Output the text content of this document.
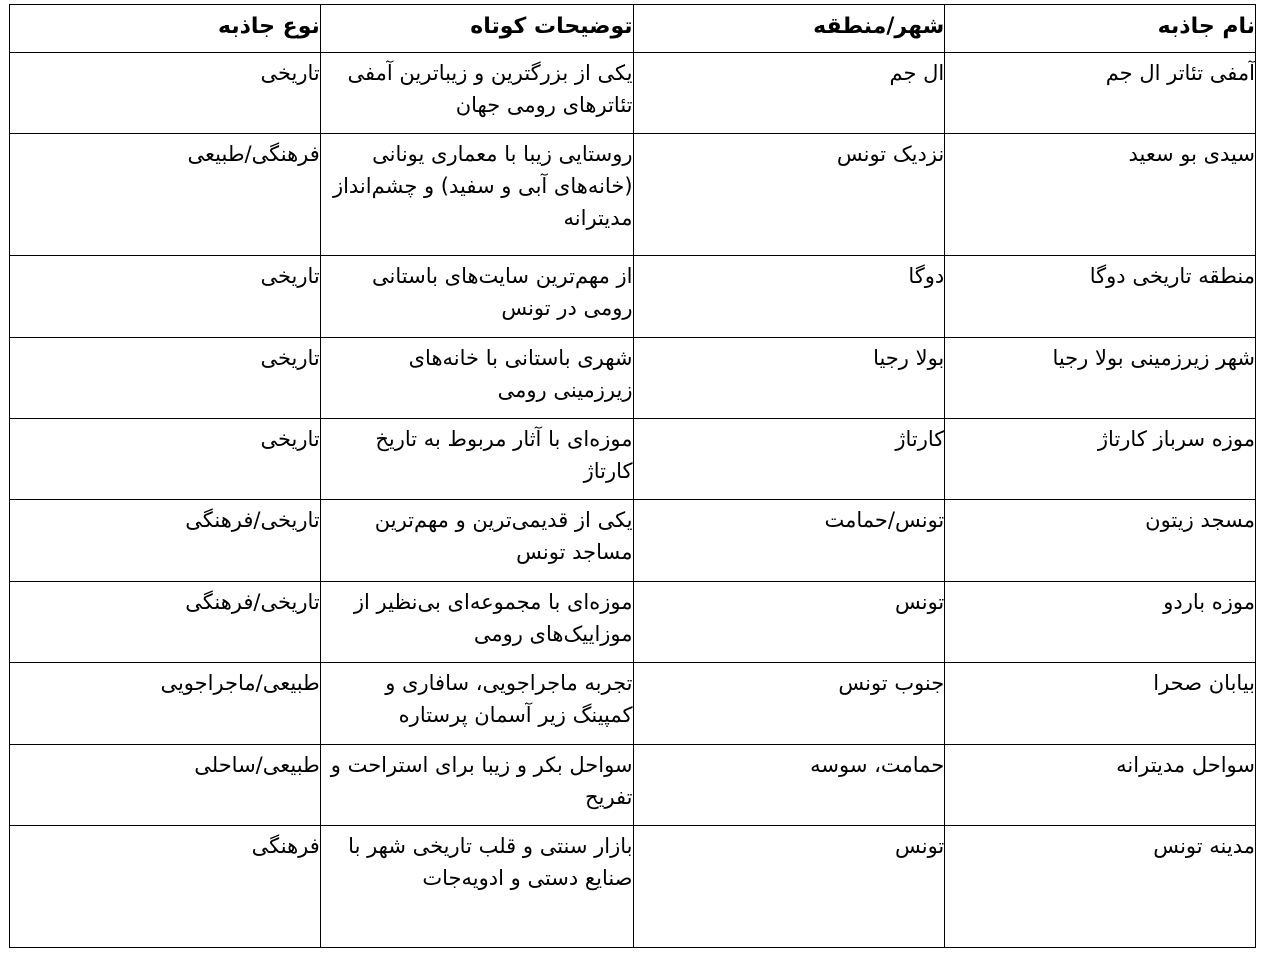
نام جاذبه	شهر/منطقه	توضیحات کوتاه	نوع جاذبه
آمفی تئاتر ال جم	ال جم	یکی از بزرگترین و زیباترین آمفی تئاترهای رومی جهان	تاریخی
سیدی بو سعید	نزدیک تونس	روستایی زیبا با معماری یونانی (خانه‌های آبی و سفید) و چشم‌انداز مدیترانه	فرهنگی/طبیعی
منطقه تاریخی دوگا	دوگا	از مهم‌ترین سایت‌های باستانی رومی در تونس	تاریخی
شهر زیرزمینی بولا رجیا	بولا رجیا	شهری باستانی با خانه‌های زیرزمینی رومی	تاریخی
موزه سرباز کارتاژ	کارتاژ	موزه‌ای با آثار مربوط به تاریخ کارتاژ	تاریخی
مسجد زیتون	تونس/حمامت	یکی از قدیمی‌ترین و مهم‌ترین مساجد تونس	تاریخی/فرهنگی
موزه باردو	تونس	موزه‌ای با مجموعه‌ای بی‌نظیر از موزاییک‌های رومی	تاریخی/فرهنگی
بیابان صحرا	جنوب تونس	تجربه ماجراجویی، سافاری و کمپینگ زیر آسمان پرستاره	طبیعی/ماجراجویی
سواحل مدیترانه	حمامت، سوسه	سواحل بکر و زیبا برای استراحت و تفریح	طبیعی/ساحلی
مدینه تونس	تونس	بازار سنتی و قلب تاریخی شهر با صنایع دستی و ادویه‌جات	فرهنگی
